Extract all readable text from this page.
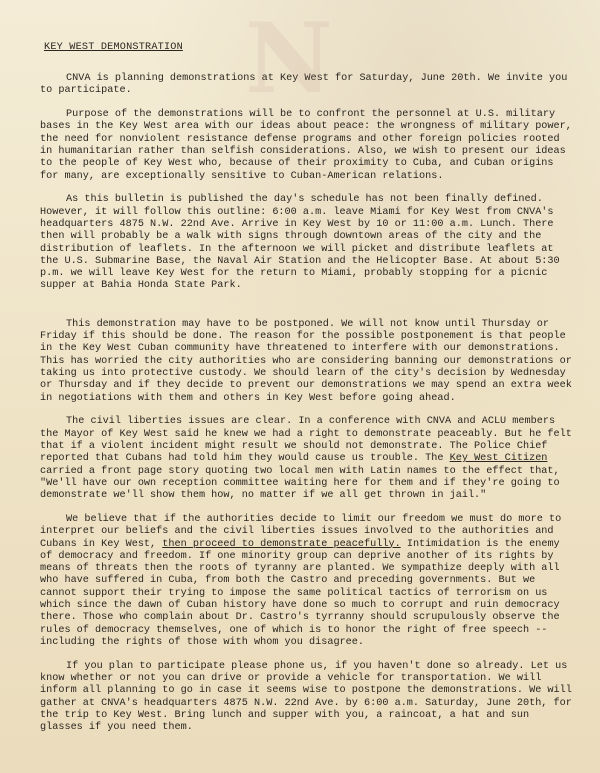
N
KEY WEST DEMONSTRATION

CNVA is planning demonstrations at Key West for Saturday, June 20th. We invite you to participate.

Purpose of the demonstrations will be to confront the personnel at U.S. military bases in the Key West area with our ideas about peace: the wrongness of military power, the need for nonviolent resistance defense programs and other foreign policies rooted in humanitarian rather than selfish considerations. Also, we wish to present our ideas to the people of Key West who, because of their proximity to Cuba, and Cuban origins for many, are exceptionally sensitive to Cuban-American relations.

As this bulletin is published the day's schedule has not been finally defined. However, it will follow this outline: 6:00 a.m. leave Miami for Key West from CNVA's headquarters 4875 N.W. 22nd Ave. Arrive in Key West by 10 or 11:00 a.m. Lunch. There then will probably be a walk with signs through downtown areas of the city and the distribution of leaflets. In the afternoon we will picket and distribute leaflets at the U.S. Submarine Base, the Naval Air Station and the Helicopter Base. At about 5:30 p.m. we will leave Key West for the return to Miami, probably stopping for a picnic supper at Bahia Honda State Park.

This demonstration may have to be postponed. We will not know until Thursday or Friday if this should be done. The reason for the possible postponement is that people in the Key West Cuban community have threatened to interfere with our demonstrations. This has worried the city authorities who are considering banning our demonstrations or taking us into protective custody. We should learn of the city's decision by Wednesday or Thursday and if they decide to prevent our demonstrations we may spend an extra week in negotiations with them and others in Key West before going ahead.

The civil liberties issues are clear. In a conference with CNVA and ACLU members the Mayor of Key West said he knew we had a right to demonstrate peaceably. But he felt that if a violent incident might result we should not demonstrate. The Police Chief reported that Cubans had told him they would cause us trouble. The Key West Citizen carried a front page story quoting two local men with Latin names to the effect that, "We'll have our own reception committee waiting here for them and if they're going to demonstrate we'll show them how, no matter if we all get thrown in jail."

We believe that if the authorities decide to limit our freedom we must do more to interpret our beliefs and the civil liberties issues involved to the authorities and Cubans in Key West, then proceed to demonstrate peacefully. Intimidation is the enemy of democracy and freedom. If one minority group can deprive another of its rights by means of threats then the roots of tyranny are planted. We sympathize deeply with all who have suffered in Cuba, from both the Castro and preceding governments. But we cannot support their trying to impose the same political tactics of terrorism on us which since the dawn of Cuban history have done so much to corrupt and ruin democracy there. Those who complain about Dr. Castro's tyrranny should scrupulously observe the rules of democracy themselves, one of which is to honor the right of free speech -- including the rights of those with whom you disagree.

If you plan to participate please phone us, if you haven't done so already. Let us know whether or not you can drive or provide a vehicle for transportation. We will inform all planning to go in case it seems wise to postpone the demonstrations. We will gather at CNVA's headquarters 4875 N.W. 22nd Ave. by 6:00 a.m. Saturday, June 20th, for the trip to Key West. Bring lunch and supper with you, a raincoat, a hat and sun glasses if you need them.
